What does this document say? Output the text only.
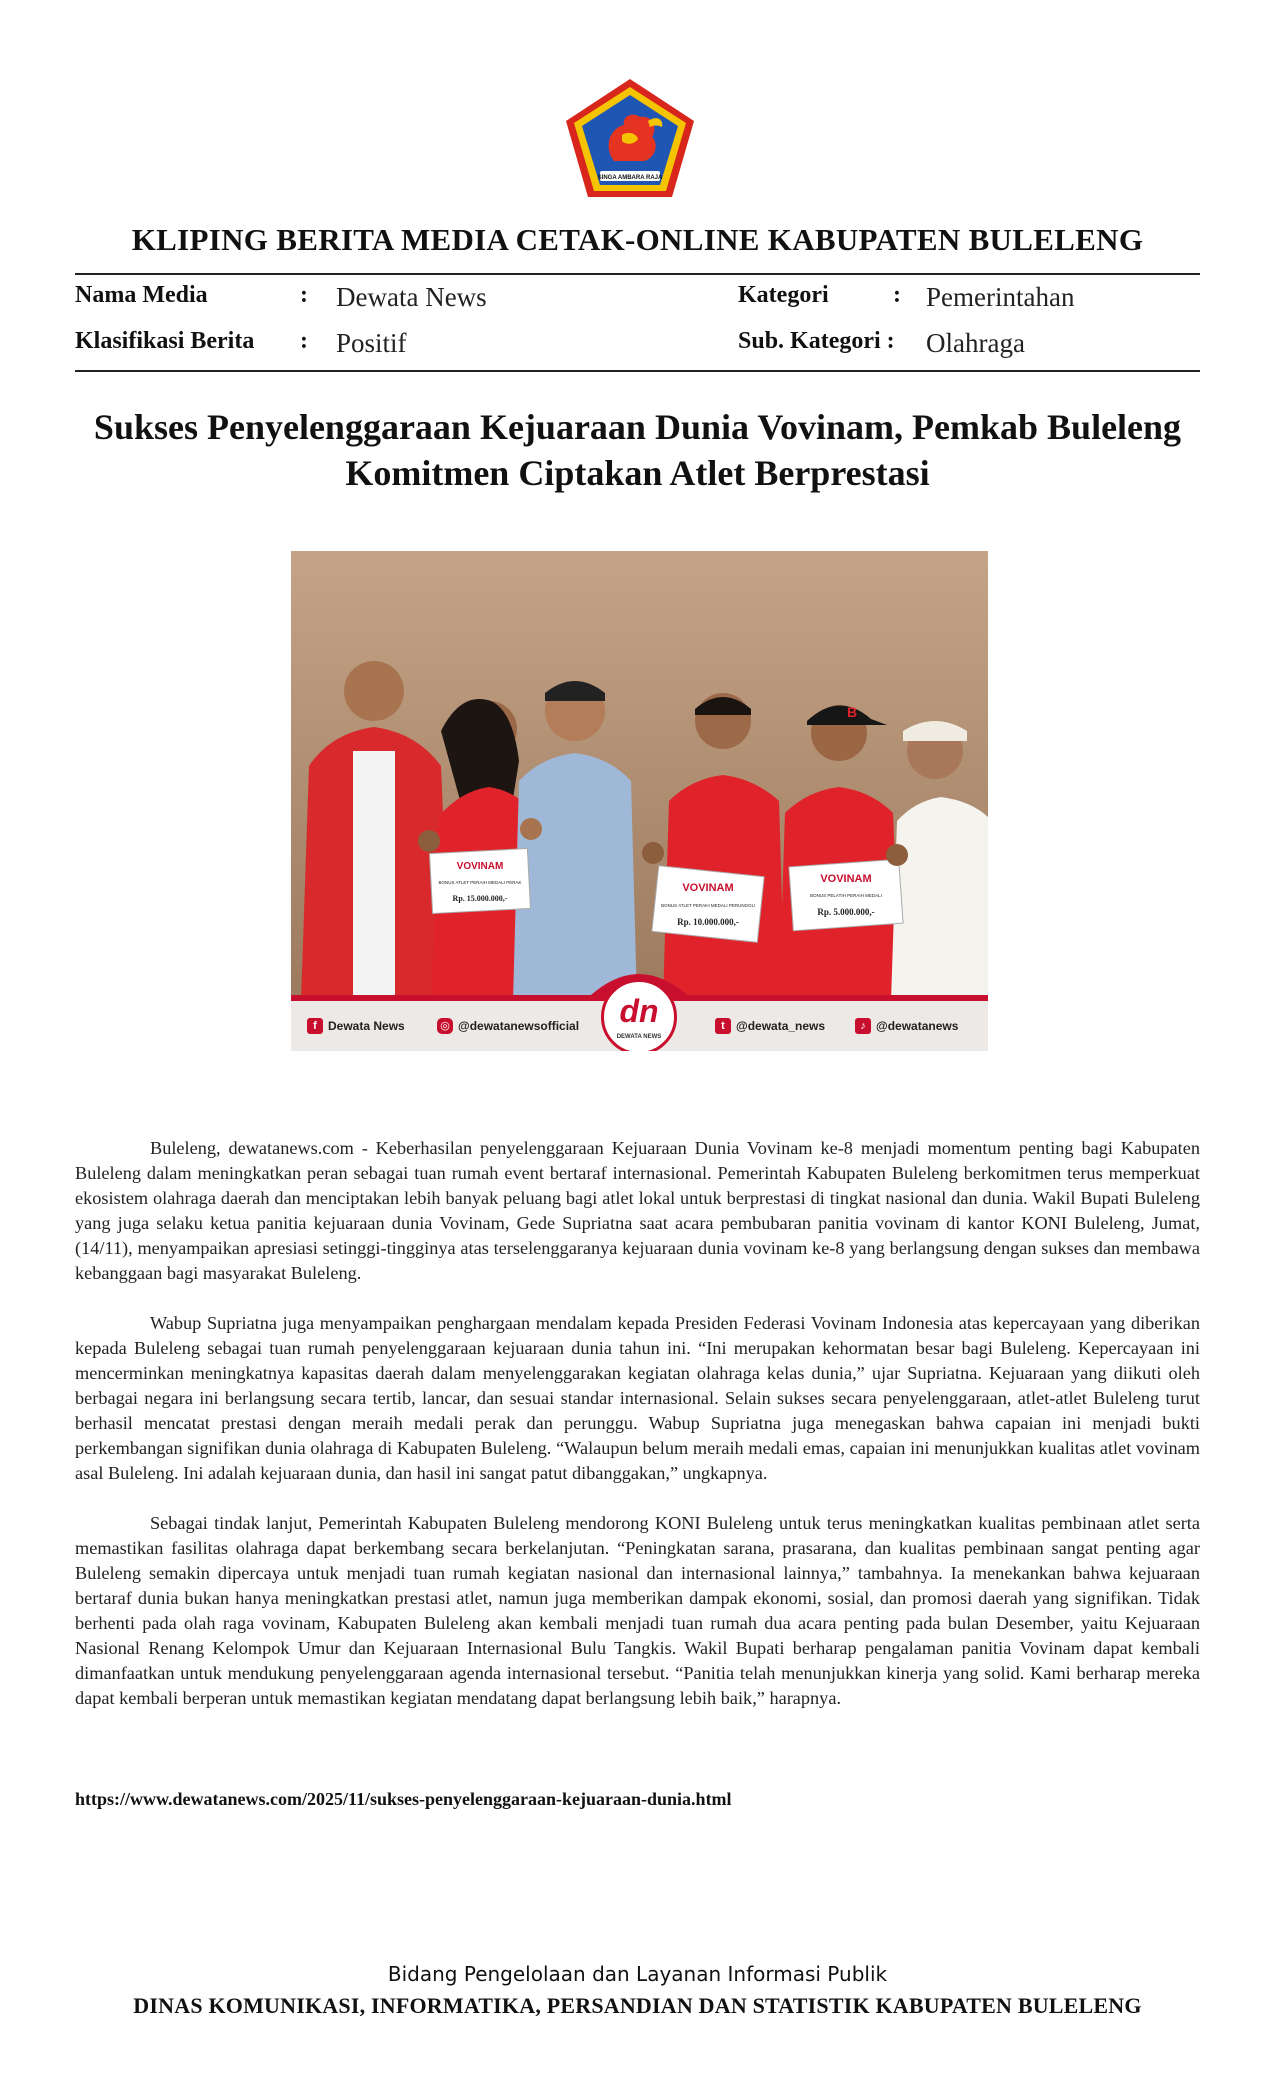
SINGA AMBARA RAJA
KLIPING BERITA MEDIA CETAK-ONLINE KABUPATEN BULELENG
Nama Media	: Dewata News	Kategori	: Pemerintahan
Klasifikasi Berita : Positif	Sub. Kategori : Olahraga
Sukses Penyelenggaraan Kejuaraan Dunia Vovinam, Pemkab Buleleng
Komitmen Ciptakan Atlet Berprestasi
B
VOVINAM
BONUS ATLET PERAIH MEDALI PERAK
Rp. 15.000.000,-
VOVINAM
BONUS ATLET PERAIH MEDALI PERUNGGU
Rp. 10.000.000,-
VOVINAM
BONUS PELATIH PERAIH MEDALI
Rp. 5.000.000,-
dn
DEWATA NEWS
f Dewata News	◎ @dewatanewsofficial	t @dewata_news	♪ @dewatanews

Buleleng, dewatanews.com - Keberhasilan penyelenggaraan Kejuaraan Dunia Vovinam ke-8 menjadi momentum penting bagi Kabupaten Buleleng dalam meningkatkan peran sebagai tuan rumah event bertaraf internasional. Pemerintah Kabupaten Buleleng berkomitmen terus memperkuat ekosistem olahraga daerah dan menciptakan lebih banyak peluang bagi atlet lokal untuk berprestasi di tingkat nasional dan dunia. Wakil Bupati Buleleng yang juga selaku ketua panitia kejuaraan dunia Vovinam, Gede Supriatna saat acara pembubaran panitia vovinam di kantor KONI Buleleng, Jumat, (14/11), menyampaikan apresiasi setinggi-tingginya atas terselenggaranya kejuaraan dunia vovinam ke-8 yang berlangsung dengan sukses dan membawa kebanggaan bagi masyarakat Buleleng.

Wabup Supriatna juga menyampaikan penghargaan mendalam kepada Presiden Federasi Vovinam Indonesia atas kepercayaan yang diberikan kepada Buleleng sebagai tuan rumah penyelenggaraan kejuaraan dunia tahun ini. “Ini merupakan kehormatan besar bagi Buleleng. Kepercayaan ini mencerminkan meningkatnya kapasitas daerah dalam menyelenggarakan kegiatan olahraga kelas dunia,” ujar Supriatna. Kejuaraan yang diikuti oleh berbagai negara ini berlangsung secara tertib, lancar, dan sesuai standar internasional. Selain sukses secara penyelenggaraan, atlet-atlet Buleleng turut berhasil mencatat prestasi dengan meraih medali perak dan perunggu. Wabup Supriatna juga menegaskan bahwa capaian ini menjadi bukti perkembangan signifikan dunia olahraga di Kabupaten Buleleng. “Walaupun belum meraih medali emas, capaian ini menunjukkan kualitas atlet vovinam asal Buleleng. Ini adalah kejuaraan dunia, dan hasil ini sangat patut dibanggakan,” ungkapnya.

Sebagai tindak lanjut, Pemerintah Kabupaten Buleleng mendorong KONI Buleleng untuk terus meningkatkan kualitas pembinaan atlet serta memastikan fasilitas olahraga dapat berkembang secara berkelanjutan. “Peningkatan sarana, prasarana, dan kualitas pembinaan sangat penting agar Buleleng semakin dipercaya untuk menjadi tuan rumah kegiatan nasional dan internasional lainnya,” tambahnya. Ia menekankan bahwa kejuaraan bertaraf dunia bukan hanya meningkatkan prestasi atlet, namun juga memberikan dampak ekonomi, sosial, dan promosi daerah yang signifikan. Tidak berhenti pada olah raga vovinam, Kabupaten Buleleng akan kembali menjadi tuan rumah dua acara penting pada bulan Desember, yaitu Kejuaraan Nasional Renang Kelompok Umur dan Kejuaraan Internasional Bulu Tangkis. Wakil Bupati berharap pengalaman panitia Vovinam dapat kembali dimanfaatkan untuk mendukung penyelenggaraan agenda internasional tersebut. “Panitia telah menunjukkan kinerja yang solid. Kami berharap mereka dapat kembali berperan untuk memastikan kegiatan mendatang dapat berlangsung lebih baik,” harapnya.

https://www.dewatanews.com/2025/11/sukses-penyelenggaraan-kejuaraan-dunia.html
Bidang Pengelolaan dan Layanan Informasi Publik
DINAS KOMUNIKASI, INFORMATIKA, PERSANDIAN DAN STATISTIK KABUPATEN BULELENG
